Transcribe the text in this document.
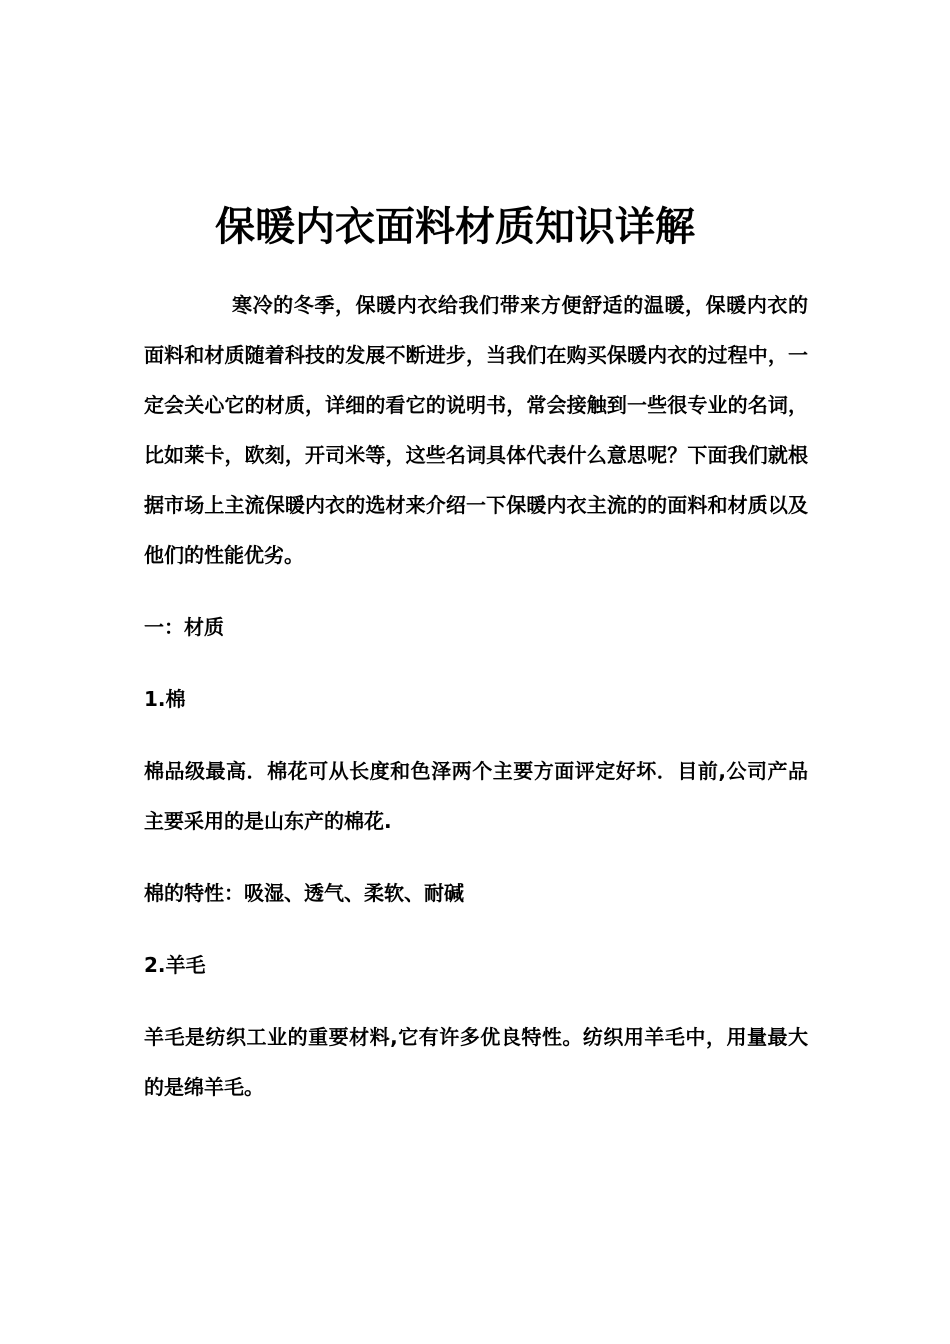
保暖内衣面料材质知识详解

寒冷的冬季，保暖内衣给我们带来方便舒适的温暖，保暖内衣的面料和材质随着科技的发展不断进步，当我们在购买保暖内衣的过程中，一定会关心它的材质，详细的看它的说明书，常会接触到一些很专业的名词，比如莱卡，欧刻，开司米等，这些名词具体代表什么意思呢？下面我们就根据市场上主流保暖内衣的选材来介绍一下保暖内衣主流的的面料和材质以及他们的性能优劣。

一：材质

1.棉

棉品级最高．棉花可从长度和色泽两个主要方面评定好坏．目前,公司产品主要采用的是山东产的棉花.

棉的特性：吸湿、透气、柔软、耐碱

2.羊毛

羊毛是纺织工业的重要材料,它有许多优良特性。纺织用羊毛中，用量最大的是绵羊毛。
